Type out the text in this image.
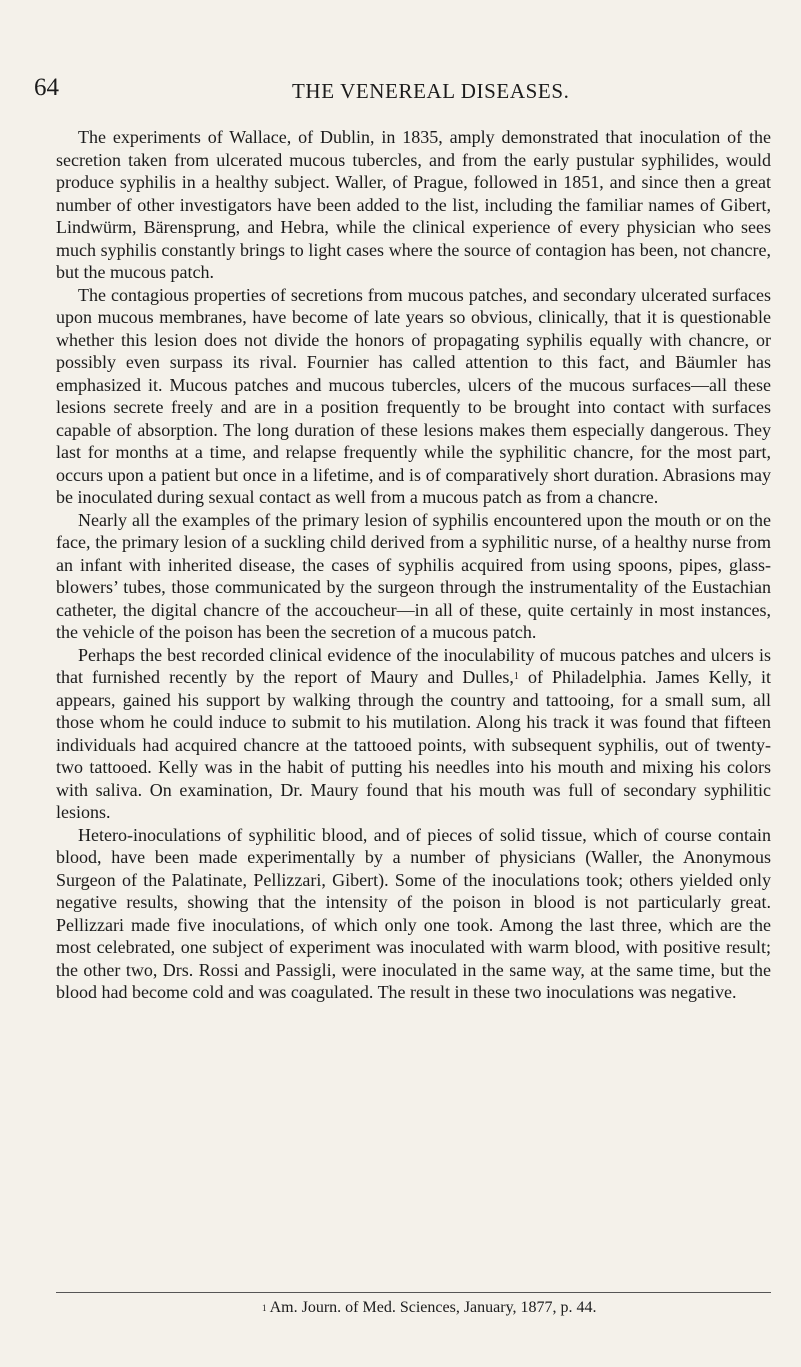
64	THE VENEREAL DISEASES.

The experiments of Wallace, of Dublin, in 1835, amply demonstrated that inoculation of the secretion taken from ulcerated mucous tubercles, and from the early pustular syphilides, would produce syphilis in a healthy subject. Waller, of Prague, followed in 1851, and since then a great number of other investigators have been added to the list, including the familiar names of Gibert, Lindwürm, Bärensprung, and Hebra, while the clinical experience of every physician who sees much syphilis constantly brings to light cases where the source of contagion has been, not chancre, but the mucous patch.

The contagious properties of secretions from mucous patches, and secondary ulcerated surfaces upon mucous membranes, have become of late years so obvious, clinically, that it is questionable whether this lesion does not divide the honors of propagating syphilis equally with chancre, or possibly even surpass its rival. Fournier has called attention to this fact, and Bäumler has emphasized it. Mucous patches and mucous tubercles, ulcers of the mucous surfaces—all these lesions secrete freely and are in a position frequently to be brought into contact with surfaces capable of absorption. The long duration of these lesions makes them especially dangerous. They last for months at a time, and relapse frequently while the syphilitic chancre, for the most part, occurs upon a patient but once in a lifetime, and is of comparatively short duration. Abrasions may be inoculated during sexual contact as well from a mucous patch as from a chancre.

Nearly all the examples of the primary lesion of syphilis encountered upon the mouth or on the face, the primary lesion of a suckling child derived from a syphilitic nurse, of a healthy nurse from an infant with inherited disease, the cases of syphilis acquired from using spoons, pipes, glass-blowers’ tubes, those communicated by the surgeon through the instrumentality of the Eustachian catheter, the digital chancre of the accoucheur—in all of these, quite certainly in most instances, the vehicle of the poison has been the secretion of a mucous patch.

Perhaps the best recorded clinical evidence of the inoculability of mucous patches and ulcers is that furnished recently by the report of Maury and Dulles,$^1$ of Philadelphia. James Kelly, it appears, gained his support by walking through the country and tattooing, for a small sum, all those whom he could induce to submit to his mutilation. Along his track it was found that fifteen individuals had acquired chancre at the tattooed points, with subsequent syphilis, out of twenty-two tattooed. Kelly was in the habit of putting his needles into his mouth and mixing his colors with saliva. On examination, Dr. Maury found that his mouth was full of secondary syphilitic lesions.

Hetero-inoculations of syphilitic blood, and of pieces of solid tissue, which of course contain blood, have been made experimentally by a number of physicians (Waller, the Anonymous Surgeon of the Palatinate, Pellizzari, Gibert). Some of the inoculations took; others yielded only negative results, showing that the intensity of the poison in blood is not particularly great. Pellizzari made five inoculations, of which only one took. Among the last three, which are the most celebrated, one subject of experiment was inoculated with warm blood, with positive result; the other two, Drs. Rossi and Passigli, were inoculated in the same way, at the same time, but the blood had become cold and was coagulated. The result in these two inoculations was negative.

$^1$ Am. Journ. of Med. Sciences, January, 1877, p. 44.
